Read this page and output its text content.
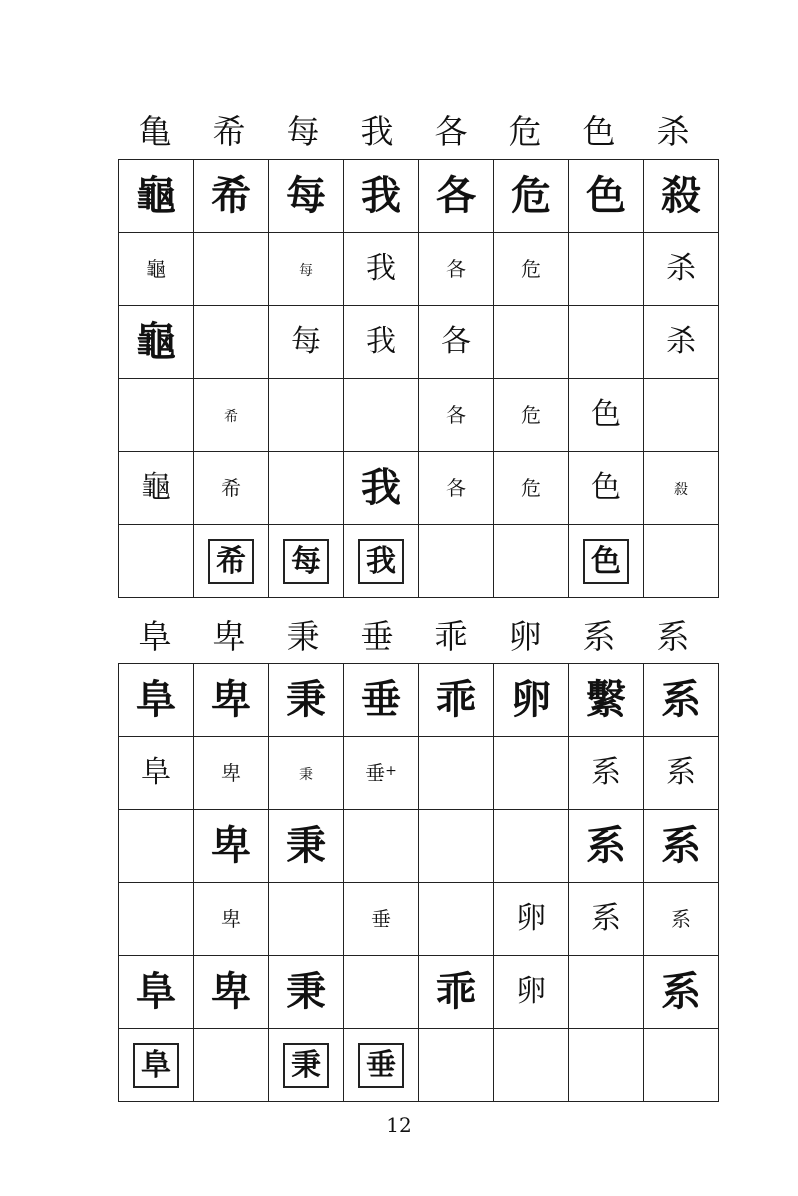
亀	希	每	我	各	危	色	杀
龜	希	每	我	各	危	色	殺
龜		每	我	各	危		杀
龜		每	我	各			杀
	希			各	危	色	
龜	希		我	各	危	色	殺
	希	每	我			色	
阜	卑	秉	垂	乖	卵	系	系
阜	卑	秉	垂	乖	卵	繫	系
阜	卑	秉	垂+			系	系
	卑	秉				系	系
	卑		垂		卵	系	系
阜	卑	秉		乖	卵		系
阜		秉	垂				
12
